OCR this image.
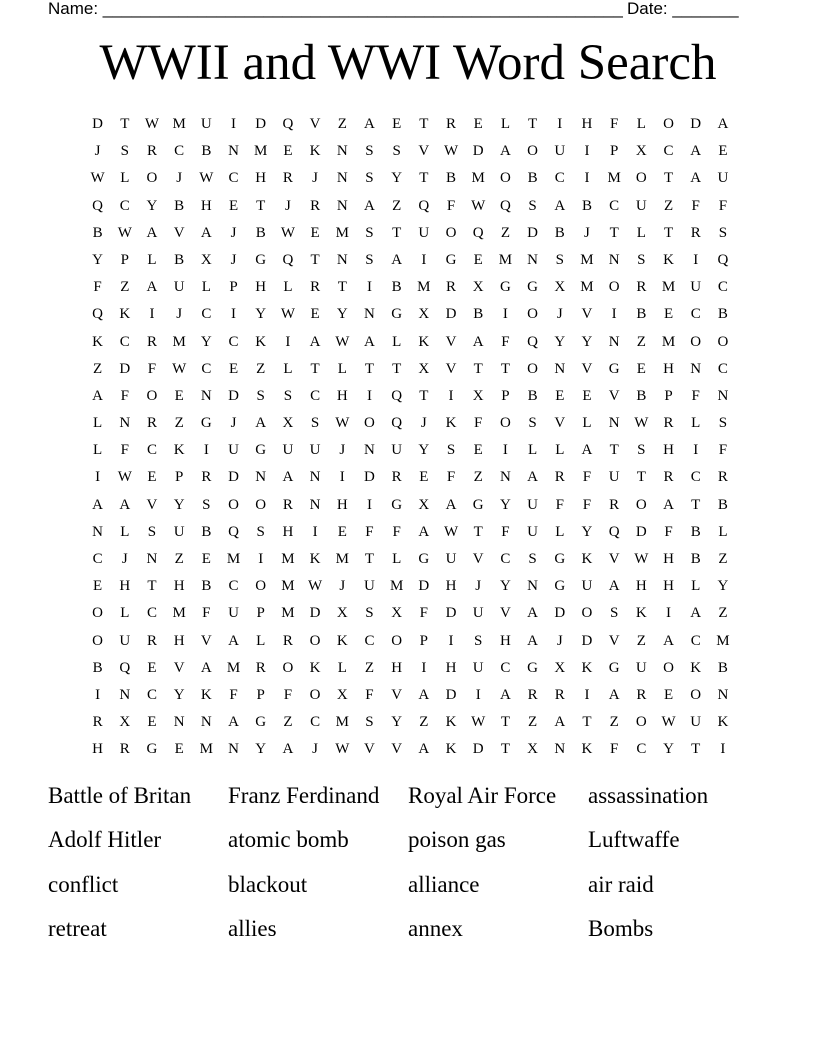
Name: _______________________________________________________

Date: _______

WWII and WWI Word Search
D	T	W M	U	I	D	Q	V	Z	A	E	T	R	E	L	T	I	H	F	L	O	D	A
J	S	R	C	B	N	M	E	K	N	S	S	V W D	A	O	U	I	P	X	C	A	E
W	L	O	J	W	C	H	R	J	N	S	Y	T	B	M	O	B	C	I	M	O	T	A	U
Q	C	Y	B	H	E	T	J	R	N	A	Z	Q	F	W Q	S	A	B	C	U	Z	F	F
B	W A	V	A	J	B	W	E	M	S	T	U	O	Q	Z	D	B	J	T	L	T	R	S
Y	P	L	B	X	J	G	Q	T	N	S	A	I	G	E	M	N	S	M	N	S	K	I	Q
F	Z	A	U	L	P	H	L	R	T	I	B	M	R	X	G	G	X	M	O	R	M	U	C
Q	K	I	J	C	I	Y W	E	Y	N	G	X	D	B	I	O	J	V	I	B	E	C	B
K	C	R	M	Y	C	K	I	A W A	L	K	V	A	F	Q	Y	Y	N	Z	M	O	O
Z	D	F	W	C	E	Z	L	T	L	T	T	X	V	T	T	O	N	V	G	E	H	N	C
A	F	O	E	N	D	S	S	C	H	I	Q	T	I	X	P	B	E	E	V	B	P	F	N
L	N	R	Z	G	J	A	X	S	W O	Q	J	K	F	O	S	V	L	N W	R	L	S
L	F	C	K	I	U	G	U	U	J	N	U	Y	S	E	I	L	L	A	T	S	H	I	F
I	W	E	P	R	D	N	A	N	I	D	R	E	F	Z	N	A	R	F	U	T	R	C	R
A	A	V	Y	S	O	O	R	N	H	I	G	X	A	G	Y	U	F	F	R	O	A	T	B
N	L	S	U	B	Q	S	H	I	E	F	F	A W	T	F	U	L	Y	Q	D	F	B	L
C	J	N	Z	E	M	I	M	K	M	T	L	G	U	V	C	S	G	K	V W H	B	Z
E	H	T	H	B	C	O	M W	J	U	M	D	H	J	Y	N	G	U	A	H	H	L	Y
O	L	C	M	F	U	P	M	D	X	S	X	F	D	U	V	A	D	O	S	K	I	A	Z
O	U	R	H	V	A	L	R	O	K	C	O	P	I	S	H	A	J	D	V	Z	A	C	M
B	Q	E	V	A	M	R	O	K	L	Z	H	I	H	U	C	G	X	K	G	U	O	K	B
I	N	C	Y	K	F	P	F	O	X	F	V	A	D	I	A	R	R	I	A	R	E	O	N
R	X	E	N	N	A	G	Z	C	M	S	Y	Z	K W	T	Z	A	T	Z	O W U	K
H	R	G	E	M	N	Y	A	J	W V	V	A	K	D	T	X	N	K	F	C	Y	T	I
Battle of Britan	Franz Ferdinand	Royal Air Force	assassination
Adolf Hitler	atomic bomb	poison gas	Luftwaffe
conflict	blackout	alliance	air raid
retreat	allies	annex	Bombs
